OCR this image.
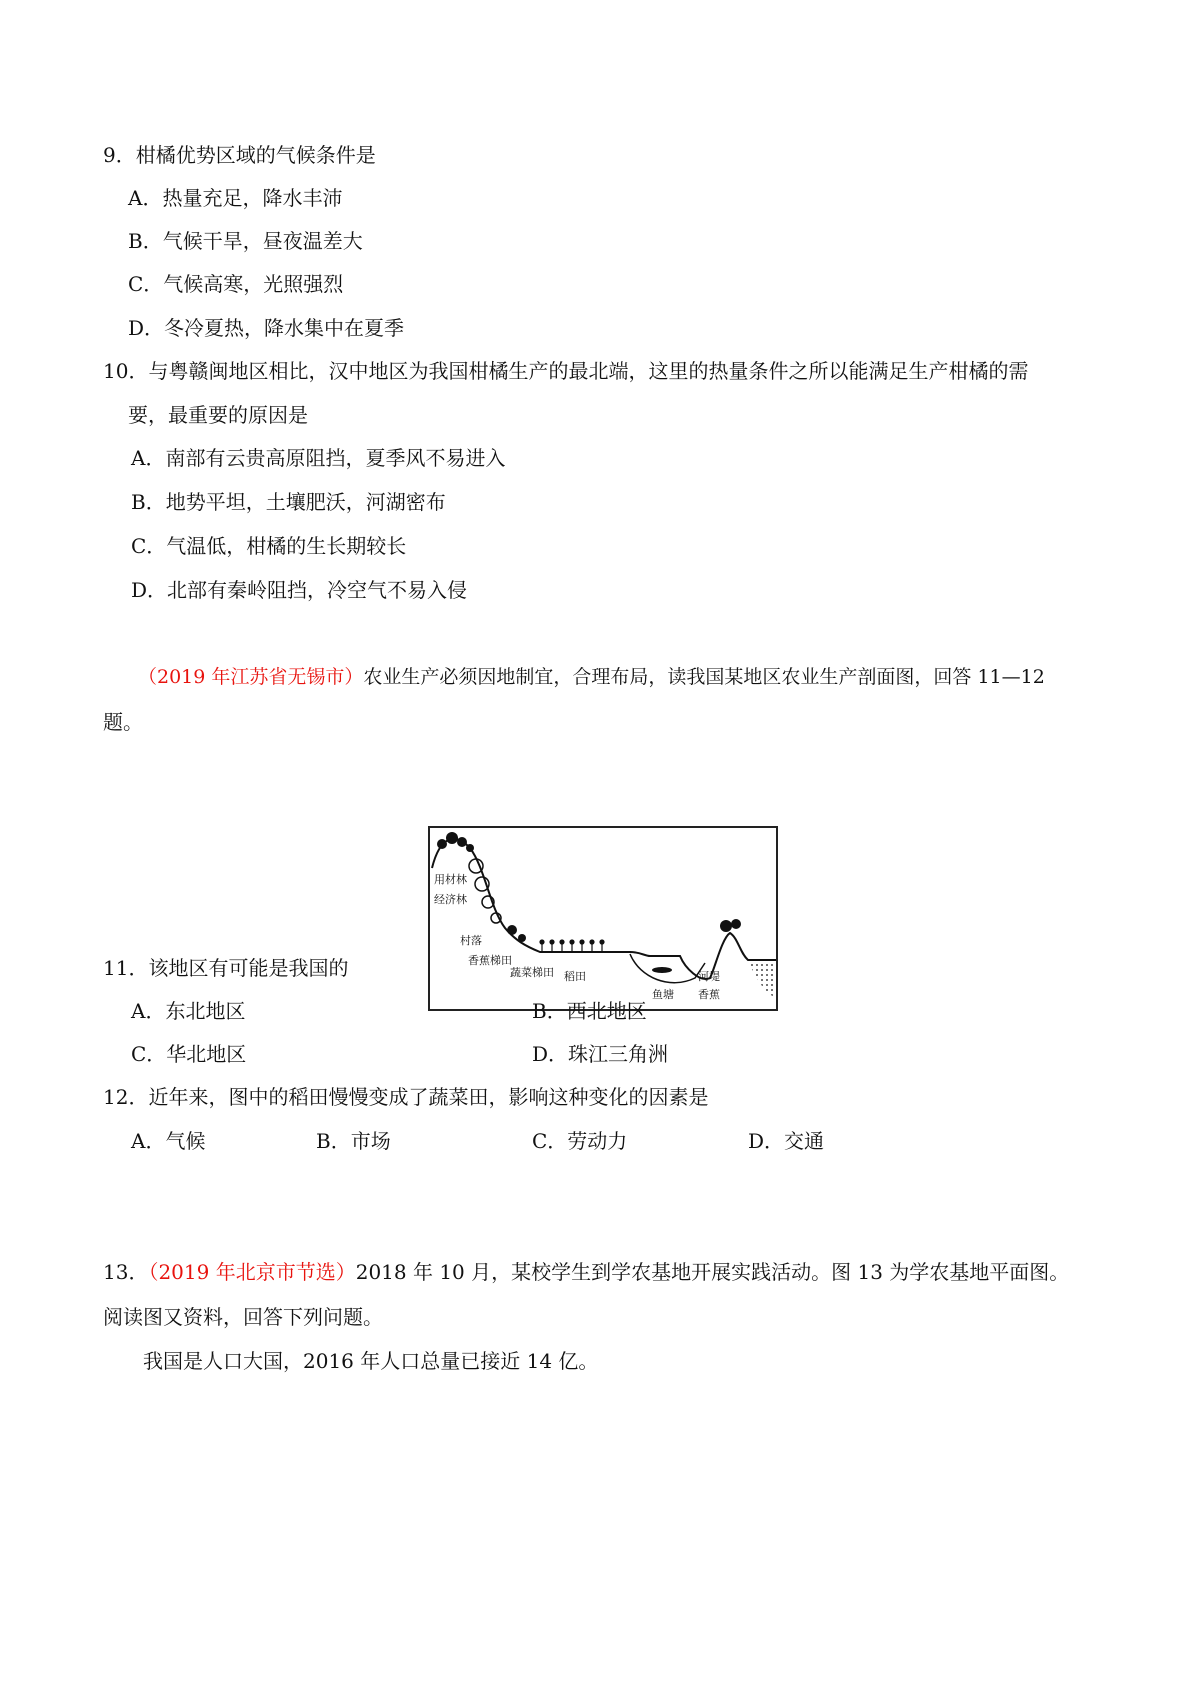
9．柑橘优势区域的气候条件是
A．热量充足，降水丰沛
B．气候干旱，昼夜温差大
C．气候高寒，光照强烈
D．冬冷夏热，降水集中在夏季
10．与粤赣闽地区相比，汉中地区为我国柑橘生产的最北端，这里的热量条件之所以能满足生产柑橘的需
要，最重要的原因是
A．南部有云贵高原阻挡，夏季风不易进入
B．地势平坦，土壤肥沃，河湖密布
C．气温低，柑橘的生长期较长
D．北部有秦岭阻挡，冷空气不易入侵
（2019 年江苏省无锡市）农业生产必须因地制宜，合理布局，读我国某地区农业生产剖面图，回答 11—12
题。
用材林
经济林
村落
香蕉梯田
蔬菜梯田 稻田
鱼塘
河堤
香蕉
11．该地区有可能是我国的
A．东北地区	B．西北地区
C．华北地区	D．珠江三角洲
12．近年来，图中的稻田慢慢变成了蔬菜田，影响这种变化的因素是
A．气候	B．市场	C．劳动力	D．交通
13．（2019 年北京市节选）2018 年 10 月，某校学生到学农基地开展实践活动。图 13 为学农基地平面图。
阅读图又资料，回答下列问题。
我国是人口大国，2016 年人口总量已接近 14 亿。
